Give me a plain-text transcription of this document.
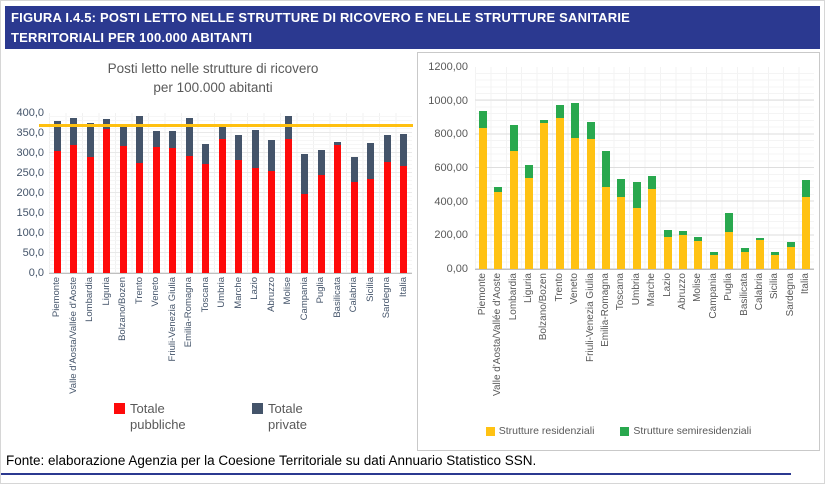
FIGURA I.4.5: POSTI LETTO NELLE STRUTTURE DI RICOVERO E NELLE STRUTTURE SANITARIE
TERRITORIALI PER 100.000 ABITANTI
Posti letto nelle strutture di ricovero
per 100.000 abitanti
0,0
50,0
100,0
150,0
200,0
250,0
300,0
350,0
400,0
Piemonte Valle d'Aosta/Vallée d'Aoste Lombardia Liguria Bolzano/Bozen Trento Veneto Friuli-Venezia Giulia Emilia-Romagna Toscana Umbria Marche Lazio Abruzzo Molise Campania Puglia Basilicata Calabria Sicilia Sardegna Italia
Totale pubbliche
Totale private
0,00
200,00
400,00
600,00
800,00
1000,00
1200,00
Piemonte Valle d'Aosta/Vallée d'Aoste Lombardia Liguria Bolzano/Bozen Trento Veneto Friuli-Venezia Giulia Emilia-Romagna Toscana Umbria Marche Lazio Abruzzo Molise Campania Puglia Basilicata Calabria Sicilia Sardegna Italia
Strutture residenziali	Strutture semiresidenziali
Fonte: elaborazione Agenzia per la Coesione Territoriale su dati Annuario Statistico SSN.
